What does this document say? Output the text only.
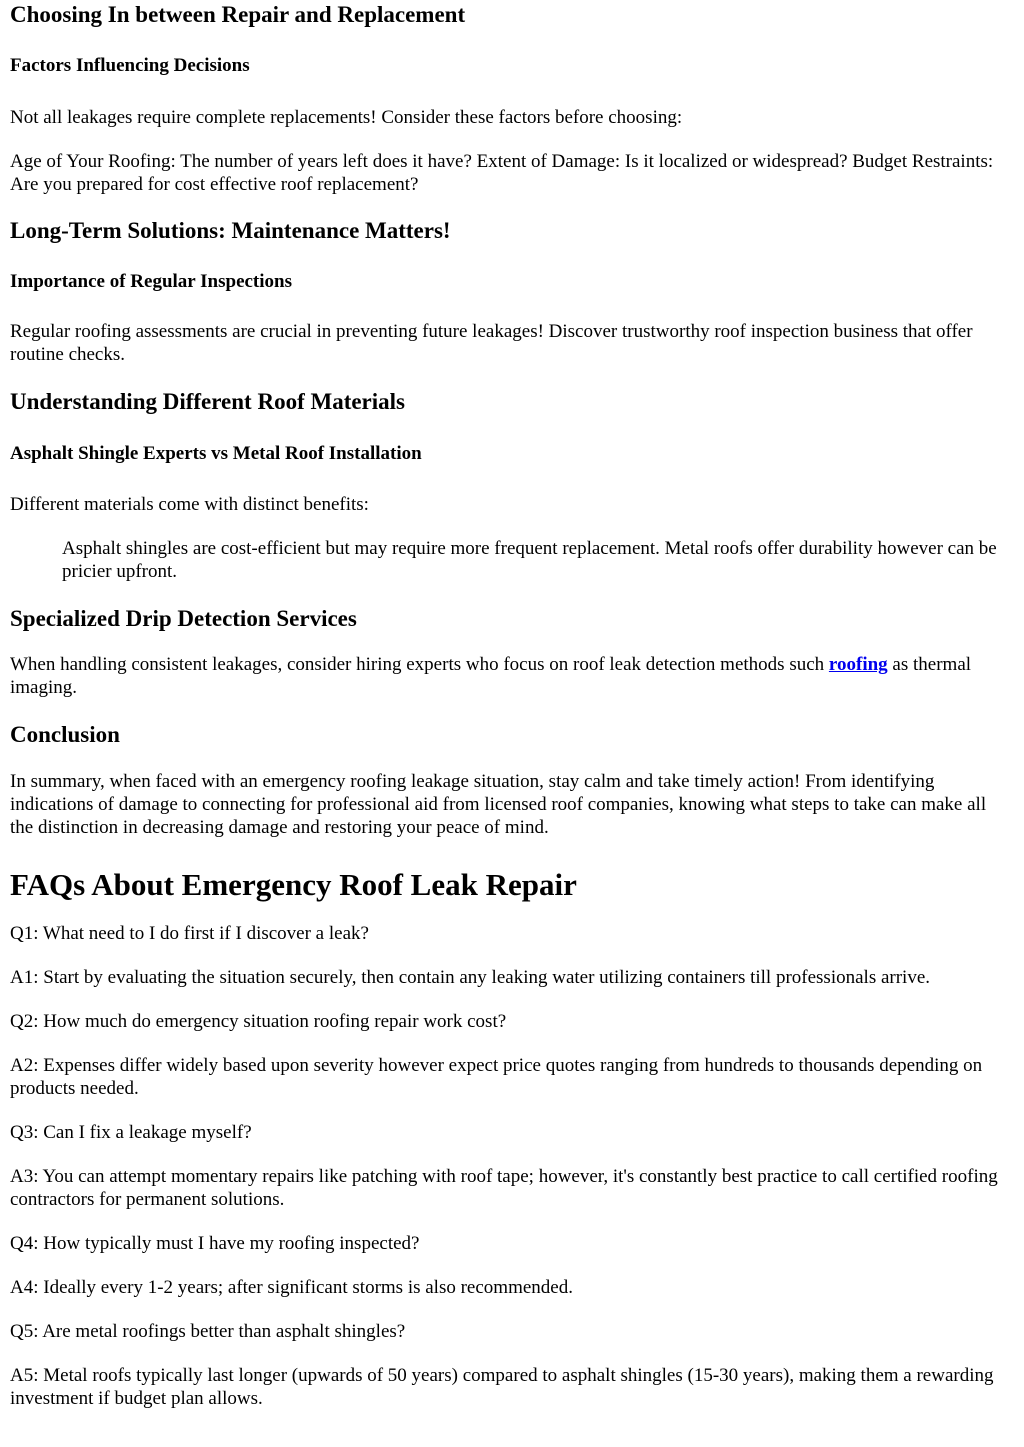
Choosing In between Repair and Replacement
Factors Influencing Decisions

Not all leakages require complete replacements! Consider these factors before choosing:

Age of Your Roofing: The number of years left does it have? Extent of Damage: Is it localized or widespread? Budget Restraints: Are you prepared for cost effective roof replacement?

Long-Term Solutions: Maintenance Matters!
Importance of Regular Inspections

Regular roofing assessments are crucial in preventing future leakages! Discover trustworthy roof inspection business that offer routine checks.

Understanding Different Roof Materials
Asphalt Shingle Experts vs Metal Roof Installation

Different materials come with distinct benefits:

Asphalt shingles are cost-efficient but may require more frequent replacement. Metal roofs offer durability however can be pricier upfront.
Specialized Drip Detection Services

When handling consistent leakages, consider hiring experts who focus on roof leak detection methods such roofing as thermal imaging.

Conclusion

In summary, when faced with an emergency roofing leakage situation, stay calm and take timely action! From identifying indications of damage to connecting for professional aid from licensed roof companies, knowing what steps to take can make all the distinction in decreasing damage and restoring your peace of mind.

FAQs About Emergency Roof Leak Repair

Q1: What need to I do first if I discover a leak?

A1: Start by evaluating the situation securely, then contain any leaking water utilizing containers till professionals arrive.

Q2: How much do emergency situation roofing repair work cost?

A2: Expenses differ widely based upon severity however expect price quotes ranging from hundreds to thousands depending on products needed.

Q3: Can I fix a leakage myself?

A3: You can attempt momentary repairs like patching with roof tape; however, it's constantly best practice to call certified roofing contractors for permanent solutions.

Q4: How typically must I have my roofing inspected?

A4: Ideally every 1-2 years; after significant storms is also recommended.

Q5: Are metal roofings better than asphalt shingles?

A5: Metal roofs typically last longer (upwards of 50 years) compared to asphalt shingles (15-30 years), making them a rewarding investment if budget plan allows.
